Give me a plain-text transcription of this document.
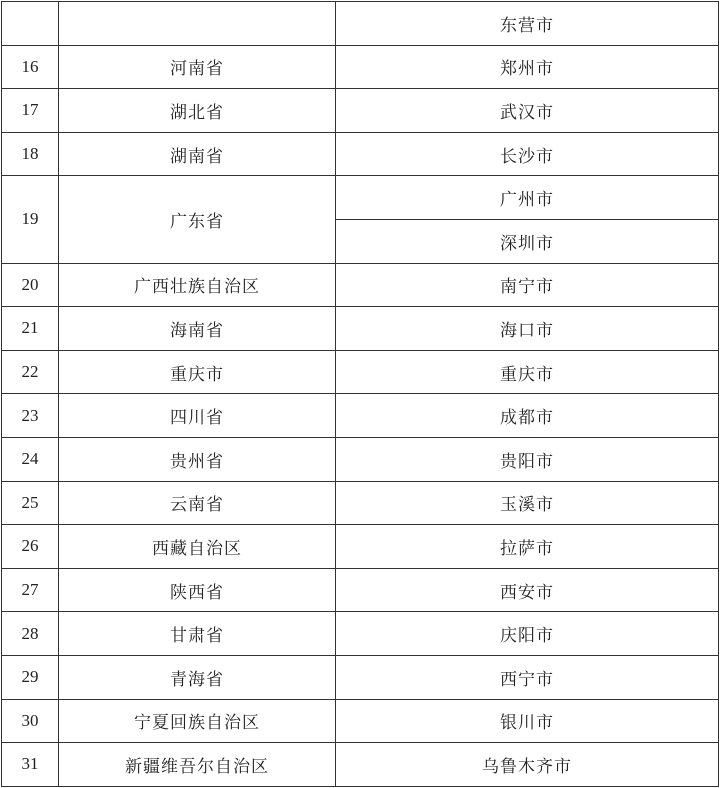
		东营市
16	河南省	郑州市
17	湖北省	武汉市
18	湖南省	长沙市
19	广东省	广州市
		深圳市
20	广西壮族自治区	南宁市
21	海南省	海口市
22	重庆市	重庆市
23	四川省	成都市
24	贵州省	贵阳市
25	云南省	玉溪市
26	西藏自治区	拉萨市
27	陕西省	西安市
28	甘肃省	庆阳市
29	青海省	西宁市
30	宁夏回族自治区	银川市
31	新疆维吾尔自治区	乌鲁木齐市
